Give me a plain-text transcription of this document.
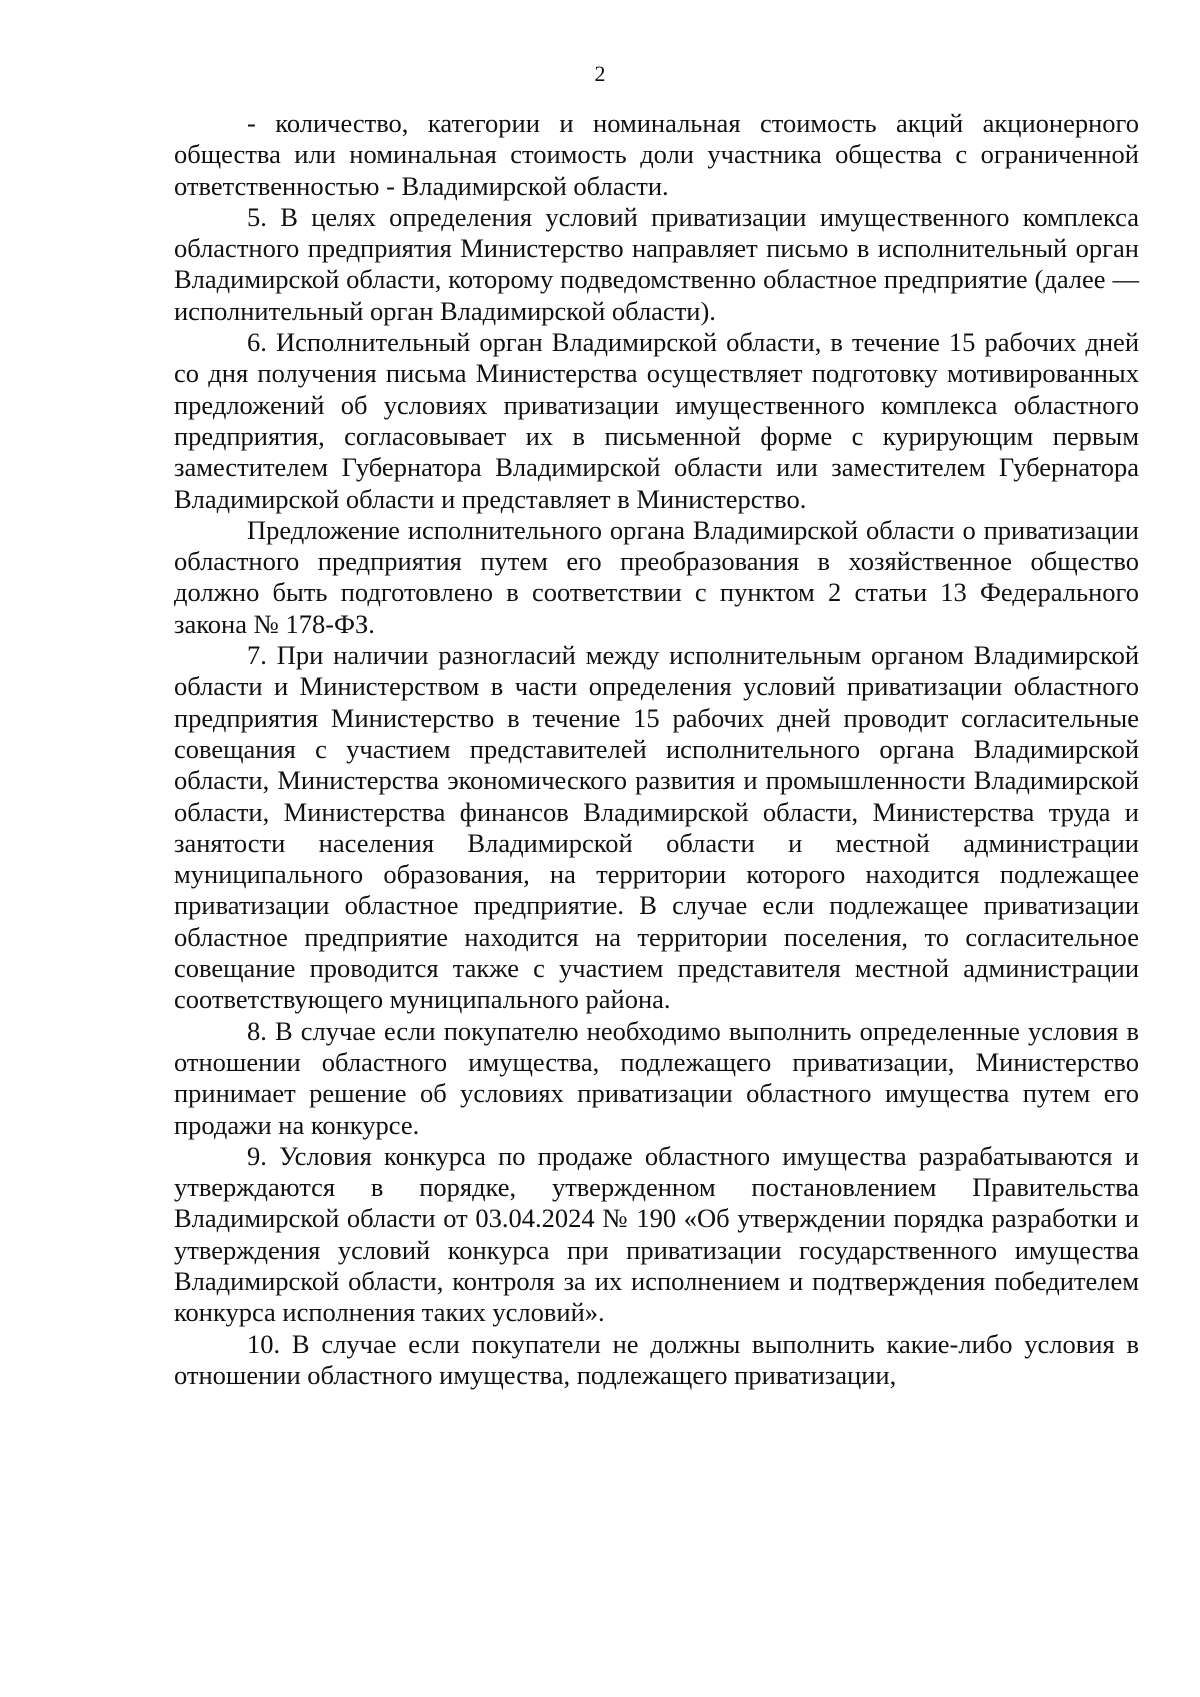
2

- количество, категории и номинальная стоимость акций акционерного общества или номинальная стоимость доли участника общества с ограниченной ответственностью - Владимирской области.

5. В целях определения условий приватизации имущественного комплекса областного предприятия Министерство направляет письмо в исполнительный орган Владимирской области, которому подведомственно областное предприятие (далее — исполнительный орган Владимирской области).

6. Исполнительный орган Владимирской области, в течение 15 рабочих дней со дня получения письма Министерства осуществляет подготовку мотивированных предложений об условиях приватизации имущественного комплекса областного предприятия, согласовывает их в письменной форме с курирующим первым заместителем Губернатора Владимирской области или заместителем Губернатора Владимирской области и представляет в Министерство.

Предложение исполнительного органа Владимирской области о приватизации областного предприятия путем его преобразования в хозяйственное общество должно быть подготовлено в соответствии с пунктом 2 статьи 13 Федерального закона № 178-ФЗ.

7. При наличии разногласий между исполнительным органом Владимирской области и Министерством в части определения условий приватизации областного предприятия Министерство в течение 15 рабочих дней проводит согласительные совещания с участием представителей исполнительного органа Владимирской области, Министерства экономического развития и промышленности Владимирской области, Министерства финансов Владимирской области, Министерства труда и занятости населения Владимирской области и местной администрации муниципального образования, на территории которого находится подлежащее приватизации областное предприятие. В случае если подлежащее приватизации областное предприятие находится на территории поселения, то согласительное совещание проводится также с участием представителя местной администрации соответствующего муниципального района.

8. В случае если покупателю необходимо выполнить определенные условия в отношении областного имущества, подлежащего приватизации, Министерство принимает решение об условиях приватизации областного имущества путем его продажи на конкурсе.

9. Условия конкурса по продаже областного имущества разрабатываются и утверждаются в порядке, утвержденном постановлением Правительства Владимирской области от 03.04.2024 № 190 «Об утверждении порядка разработки и утверждения условий конкурса при приватизации государственного имущества Владимирской области, контроля за их исполнением и подтверждения победителем конкурса исполнения таких условий».

10. В случае если покупатели не должны выполнить какие-либо условия в отношении областного имущества, подлежащего приватизации,
